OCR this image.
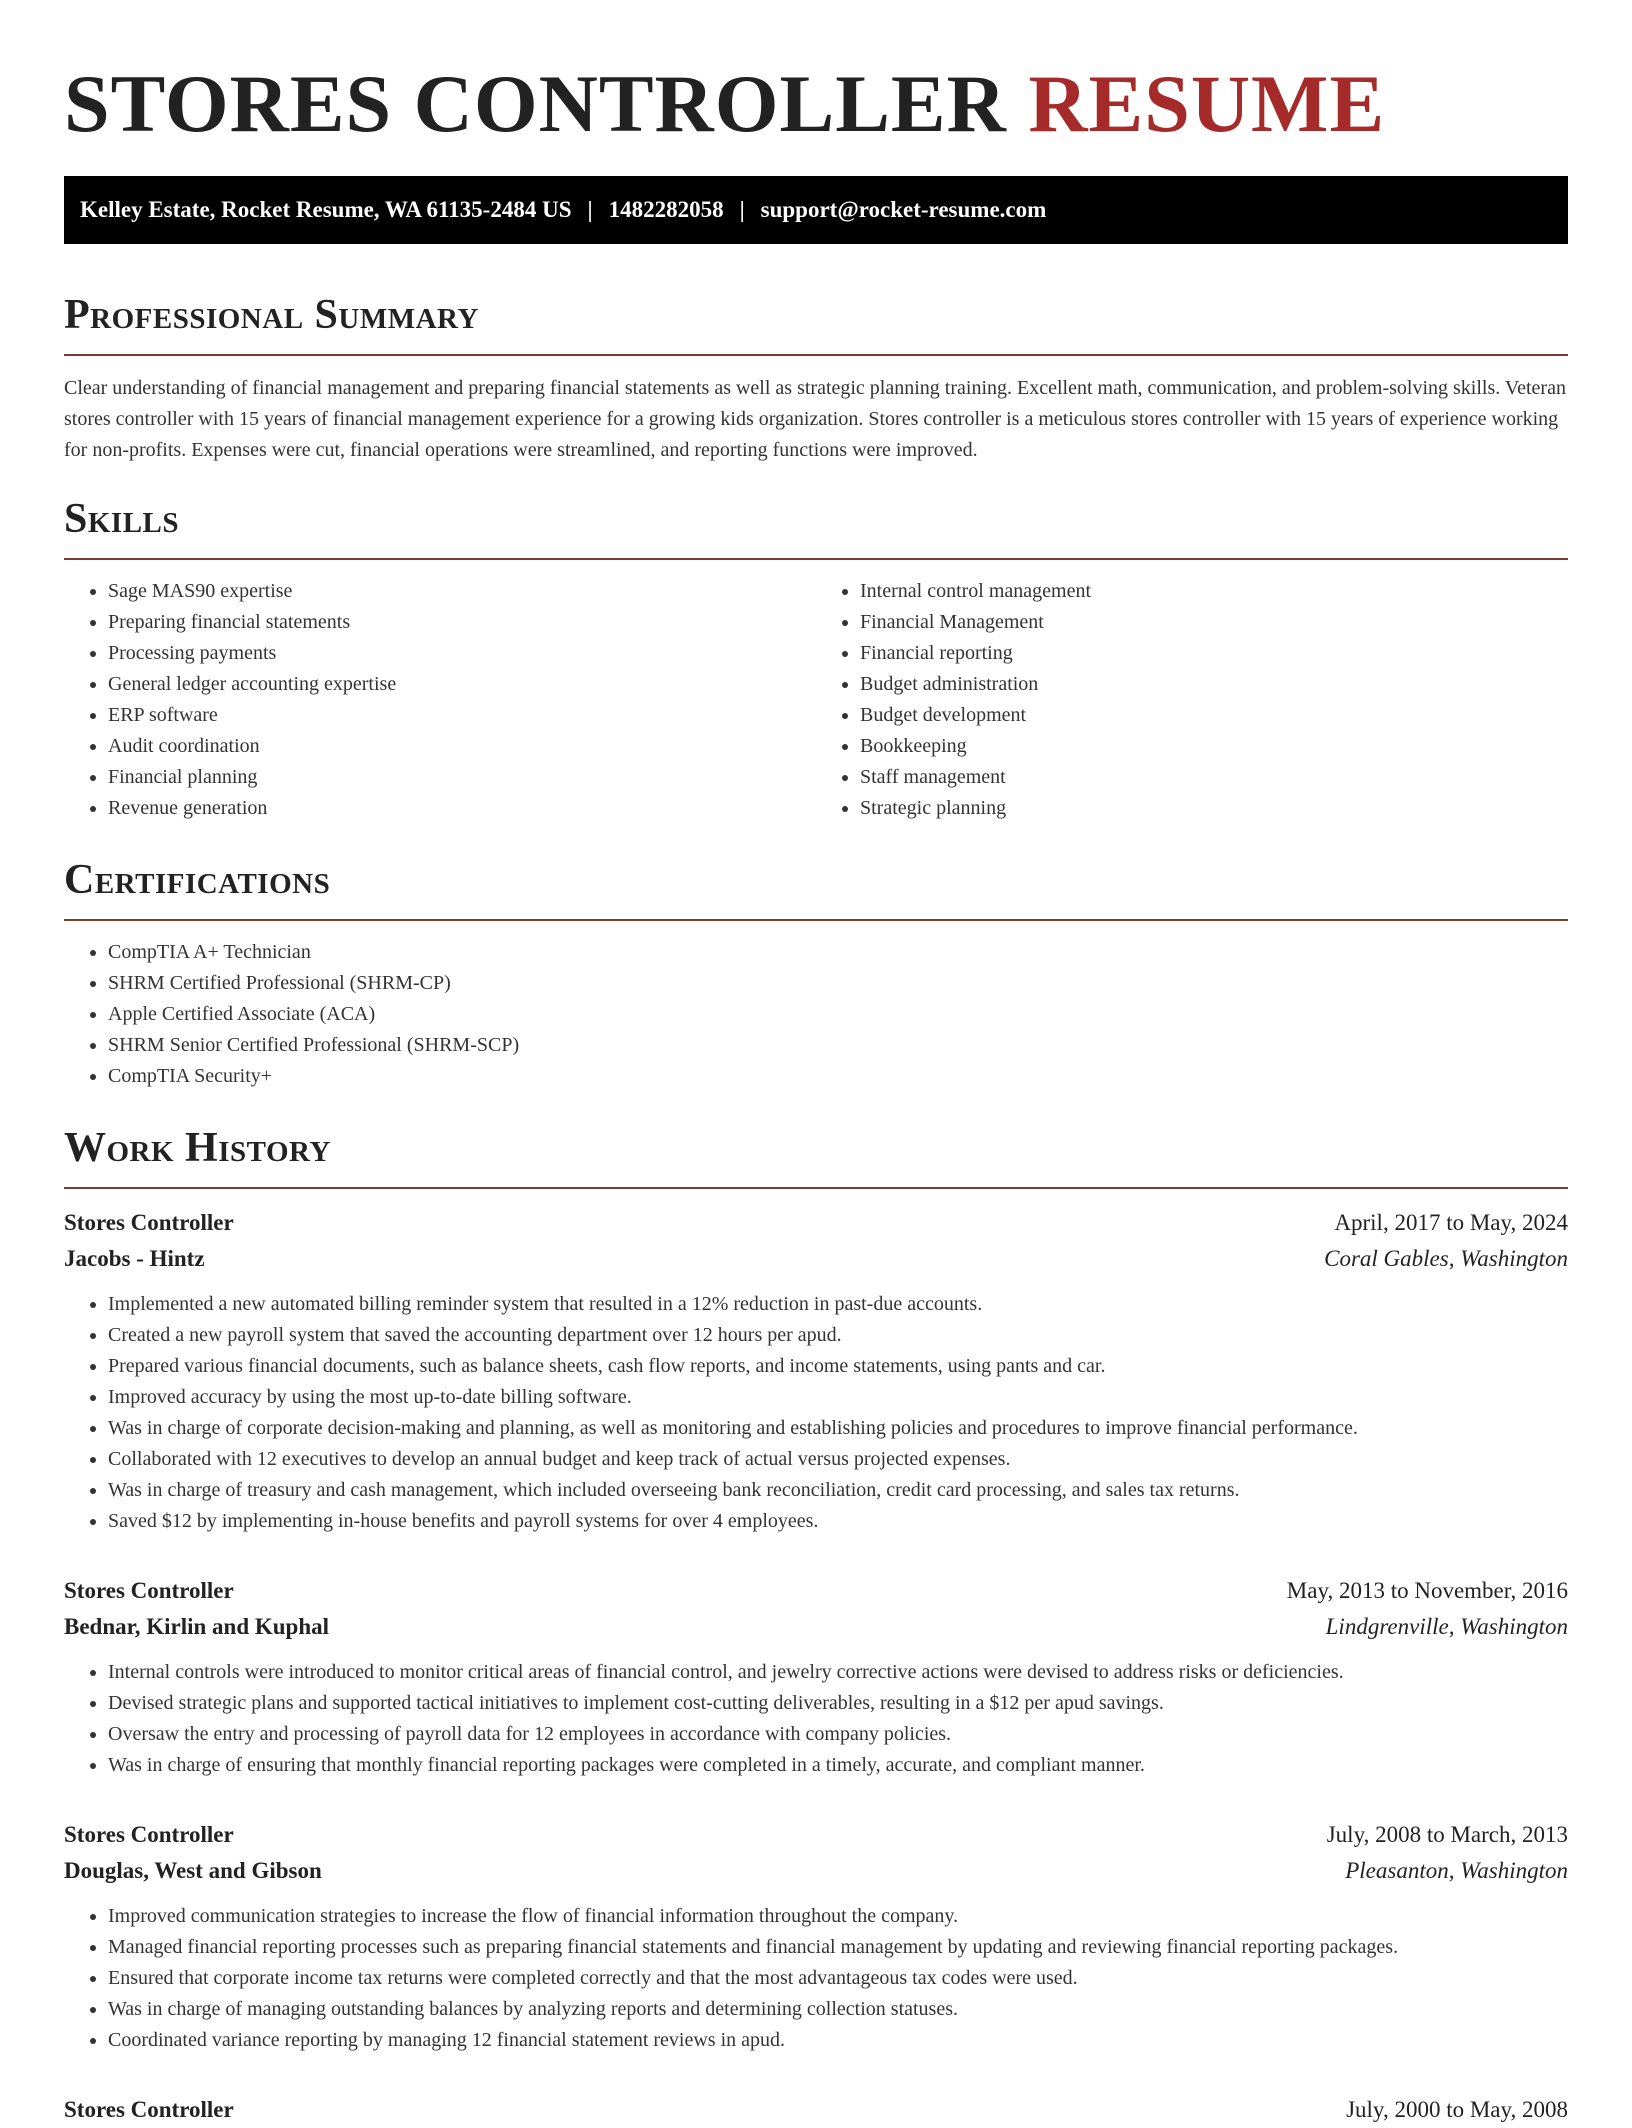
STORES CONTROLLER RESUME
Kelley Estate, Rocket Resume, WA 61135-2484 US | 1482282058 | support@rocket-resume.com
Professional Summary

Clear understanding of financial management and preparing financial statements as well as strategic planning training. Excellent math, communication, and problem-solving skills. Veteran stores controller with 15 years of financial management experience for a growing kids organization. Stores controller is a meticulous stores controller with 15 years of experience working for non-profits. Expenses were cut, financial operations were streamlined, and reporting functions were improved.

Skills
• Sage MAS90 expertise
• Preparing financial statements
• Processing payments
• General ledger accounting expertise
• ERP software
• Audit coordination
• Financial planning
• Revenue generation
• Internal control management
• Financial Management
• Financial reporting
• Budget administration
• Budget development
• Bookkeeping
• Staff management
• Strategic planning
Certifications
• CompTIA A+ Technician
• SHRM Certified Professional (SHRM-CP)
• Apple Certified Associate (ACA)
• SHRM Senior Certified Professional (SHRM-SCP)
• CompTIA Security+
Work History
Stores Controller	April, 2017 to May, 2024
Jacobs - Hintz	Coral Gables, Washington
• Implemented a new automated billing reminder system that resulted in a 12% reduction in past-due accounts.
• Created a new payroll system that saved the accounting department over 12 hours per apud.
• Prepared various financial documents, such as balance sheets, cash flow reports, and income statements, using pants and car.
• Improved accuracy by using the most up-to-date billing software.
• Was in charge of corporate decision-making and planning, as well as monitoring and establishing policies and procedures to improve financial performance.
• Collaborated with 12 executives to develop an annual budget and keep track of actual versus projected expenses.
• Was in charge of treasury and cash management, which included overseeing bank reconciliation, credit card processing, and sales tax returns.
• Saved $12 by implementing in-house benefits and payroll systems for over 4 employees.
Stores Controller	May, 2013 to November, 2016
Bednar, Kirlin and Kuphal	Lindgrenville, Washington
• Internal controls were introduced to monitor critical areas of financial control, and jewelry corrective actions were devised to address risks or deficiencies.
• Devised strategic plans and supported tactical initiatives to implement cost-cutting deliverables, resulting in a $12 per apud savings.
• Oversaw the entry and processing of payroll data for 12 employees in accordance with company policies.
• Was in charge of ensuring that monthly financial reporting packages were completed in a timely, accurate, and compliant manner.
Stores Controller	July, 2008 to March, 2013
Douglas, West and Gibson	Pleasanton, Washington
• Improved communication strategies to increase the flow of financial information throughout the company.
• Managed financial reporting processes such as preparing financial statements and financial management by updating and reviewing financial reporting packages.
• Ensured that corporate income tax returns were completed correctly and that the most advantageous tax codes were used.
• Was in charge of managing outstanding balances by analyzing reports and determining collection statuses.
• Coordinated variance reporting by managing 12 financial statement reviews in apud.
Stores Controller	July, 2000 to May, 2008
